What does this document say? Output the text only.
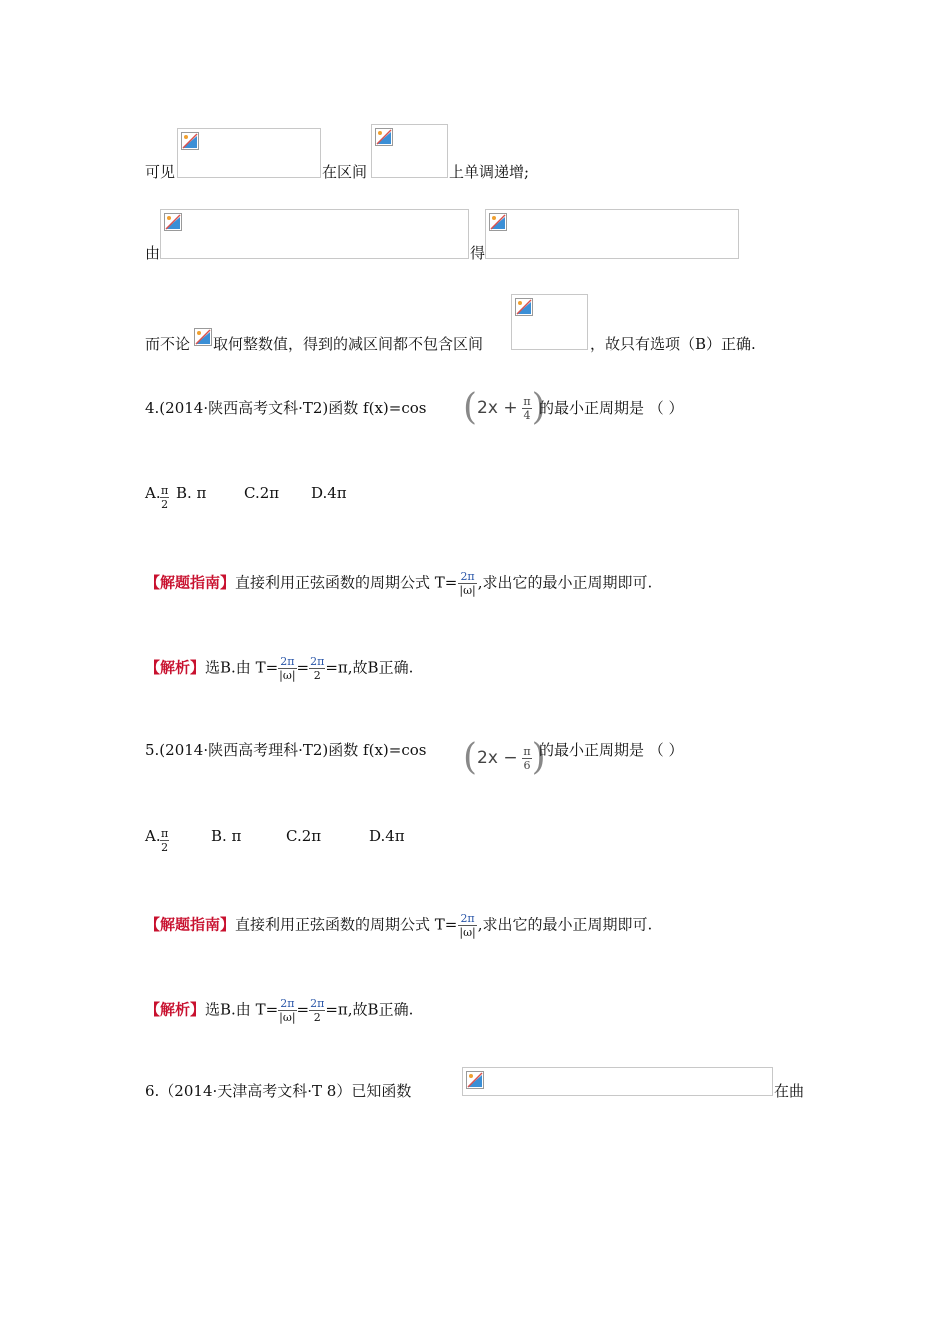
可见	在区间	上单调递增;
由	得
而不论 取何整数值，得到的减区间都不包含区间	，故只有选项（B）正确.
4.(2014·陕西高考文科·T2)函数 f(x)=cos ($2x + \frac{\pi}{4}$ )
的最小正周期是 （ ）
A. $\frac{\pi}{2} B$. π	C.2π D.4π
【解题指南】直接利用正弦函数的周期公式 $T= \frac{2\pi}{|\omega|}$ ,求出它的最小正周期即可.
【解析】选B.由 $T= \frac{2\pi}{|\omega|} = \frac{2\pi}{2} =\pi$,故B正确.
5.(2014·陕西高考理科·T2)函数 f(x)=cos ($2x - \frac{\pi}{6}$ )
的最小正周期是 （ ）
A. $\frac{\pi}{2}$	B. π	C.2π	D.4π
【解题指南】直接利用正弦函数的周期公式 $T= \frac{2\pi}{|\omega|}$ ,求出它的最小正周期即可.
【解析】选B.由 $T= \frac{2\pi}{|\omega|} = \frac{2\pi}{2} =\pi$,故B正确.
6.（2014·天津高考文科·T 8）已知函数	在曲
